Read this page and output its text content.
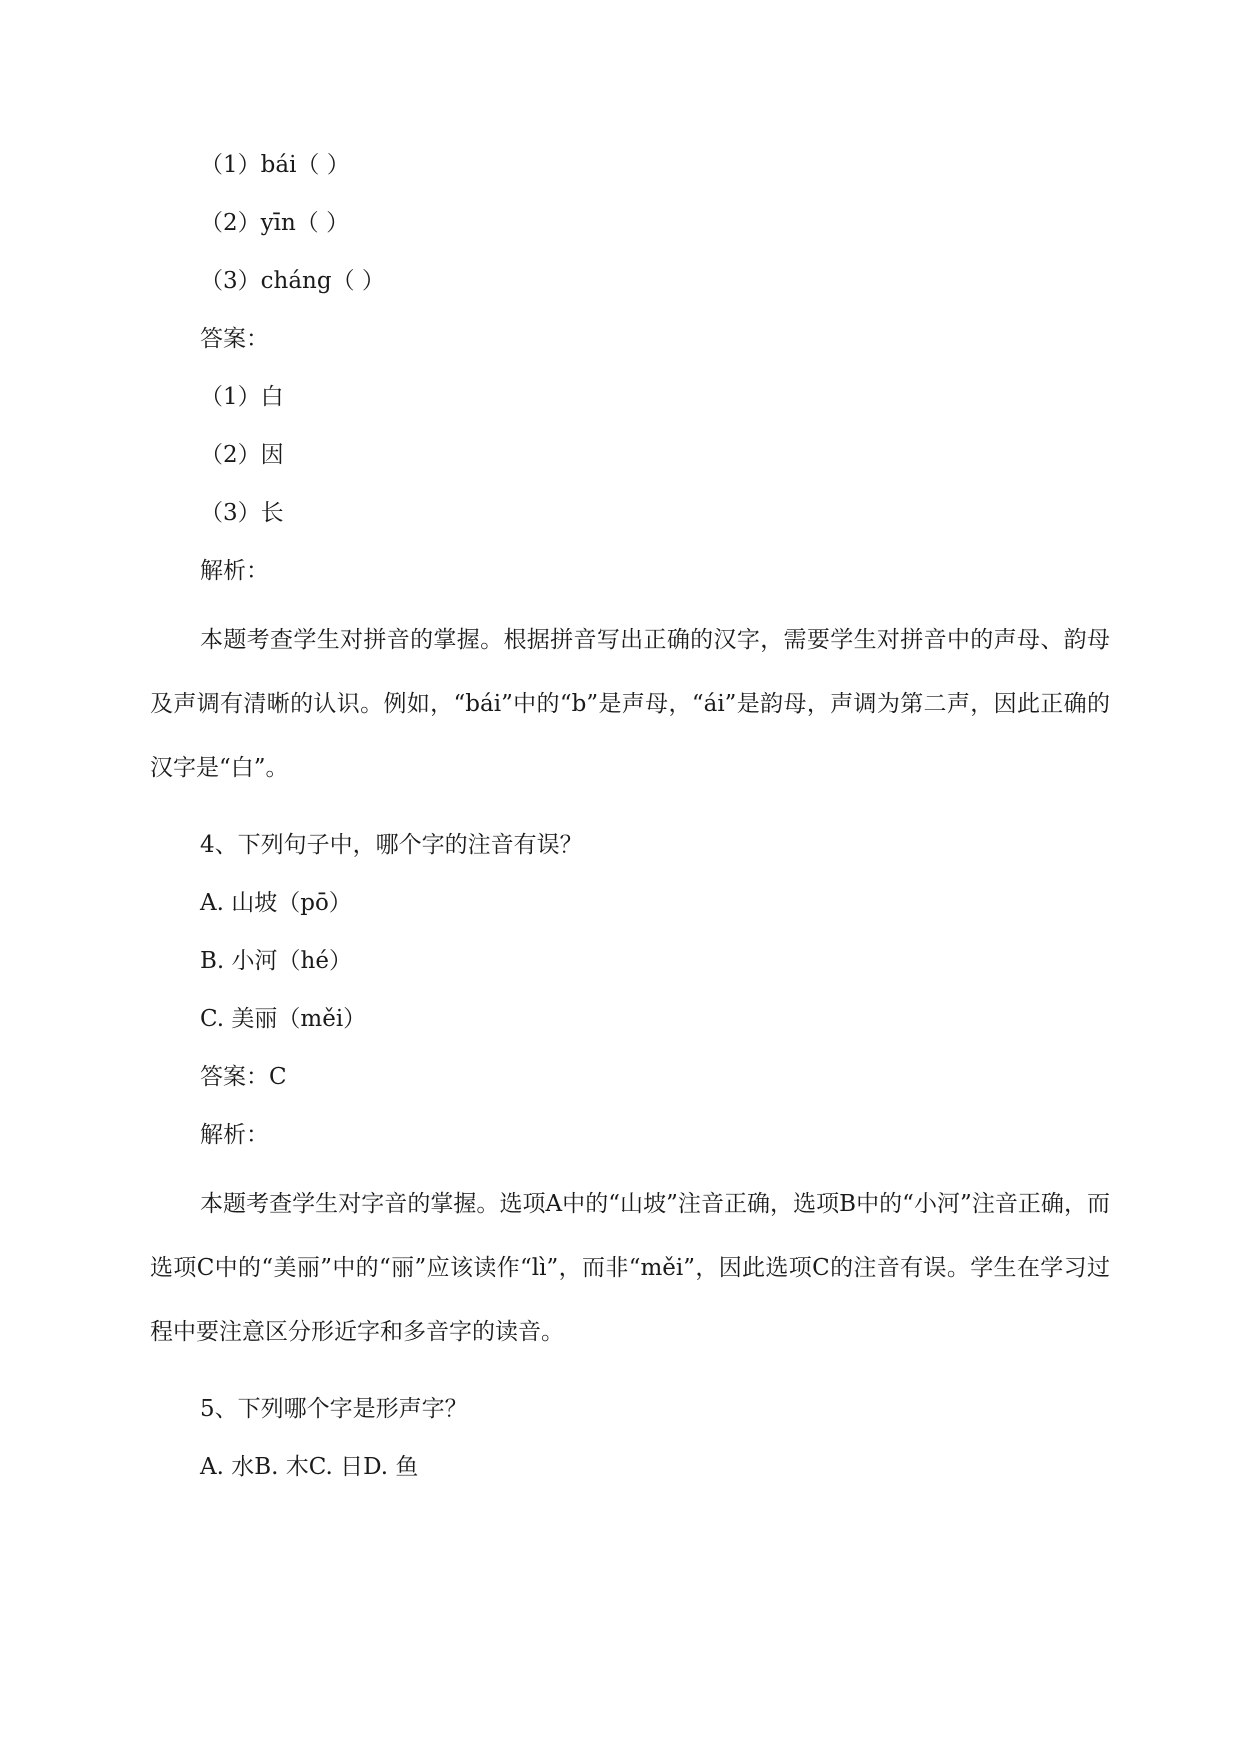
（1）bái（ ）
（2）yīn（ ）
（3）cháng（ ）
答案：
（1）白
（2）因
（3）长
解析：
本题考查学生对拼音的掌握。根据拼音写出正确的汉字，需要学生对拼音中的声母、韵母及声调有清晰的认识。例如，“bái”中的“b”是声母，“ái”是韵母，声调为第二声，因此正确的汉字是“白”。
4、下列句子中，哪个字的注音有误？
A. 山坡（pō）
B. 小河（hé）
C. 美丽（měi）
答案：C
解析：
本题考查学生对字音的掌握。选项A中的“山坡”注音正确，选项B中的“小河”注音正确，而选项C中的“美丽”中的“丽”应该读作“lì”，而非“měi”，因此选项C的注音有误。学生在学习过程中要注意区分形近字和多音字的读音。
5、下列哪个字是形声字？
A. 水B. 木C. 日D. 鱼
